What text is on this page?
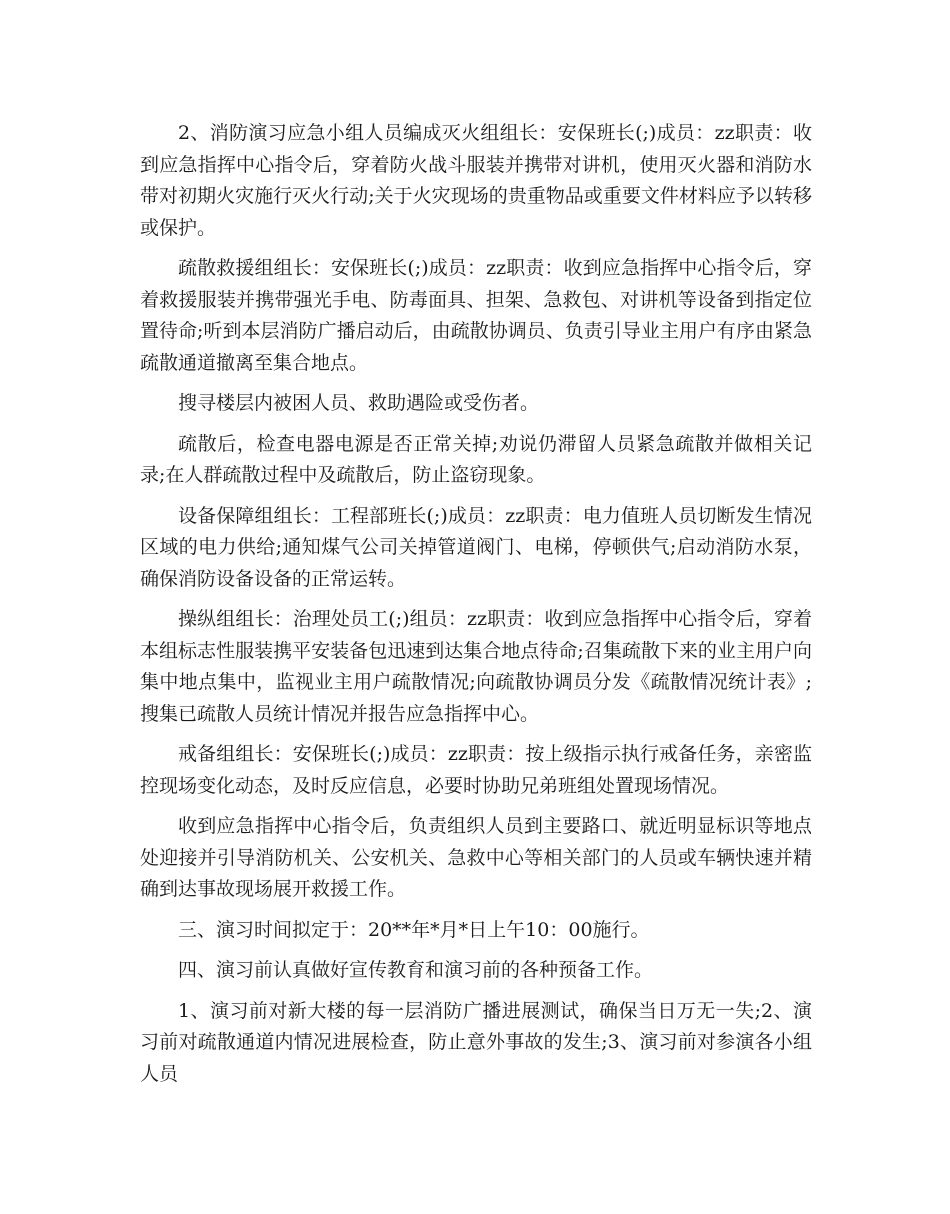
2、消防演习应急小组人员编成灭火组组长：安保班长(;)成员：zz职责：收到应急指挥中心指令后，穿着防火战斗服装并携带对讲机，使用灭火器和消防水带对初期火灾施行灭火行动;关于火灾现场的贵重物品或重要文件材料应予以转移或保护。

疏散救援组组长：安保班长(;)成员：zz职责：收到应急指挥中心指令后，穿着救援服装并携带强光手电、防毒面具、担架、急救包、对讲机等设备到指定位置待命;听到本层消防广播启动后，由疏散协调员、负责引导业主用户有序由紧急疏散通道撤离至集合地点。

搜寻楼层内被困人员、救助遇险或受伤者。

疏散后，检查电器电源是否正常关掉;劝说仍滞留人员紧急疏散并做相关记录;在人群疏散过程中及疏散后，防止盗窃现象。

设备保障组组长：工程部班长(;)成员：zz职责：电力值班人员切断发生情况区域的电力供给;通知煤气公司关掉管道阀门、电梯，停顿供气;启动消防水泵，确保消防设备设备的正常运转。

操纵组组长：治理处员工(;)组员：zz职责：收到应急指挥中心指令后，穿着本组标志性服装携平安装备包迅速到达集合地点待命;召集疏散下来的业主用户向集中地点集中，监视业主用户疏散情况;向疏散协调员分发《疏散情况统计表》;搜集已疏散人员统计情况并报告应急指挥中心。

戒备组组长：安保班长(;)成员：zz职责：按上级指示执行戒备任务，亲密监控现场变化动态，及时反应信息，必要时协助兄弟班组处置现场情况。

收到应急指挥中心指令后，负责组织人员到主要路口、就近明显标识等地点处迎接并引导消防机关、公安机关、急救中心等相关部门的人员或车辆快速并精确到达事故现场展开救援工作。

三、演习时间拟定于：20**年*月*日上午10：00施行。

四、演习前认真做好宣传教育和演习前的各种预备工作。

1、演习前对新大楼的每一层消防广播进展测试，确保当日万无一失;2、演习前对疏散通道内情况进展检查，防止意外事故的发生;3、演习前对参演各小组人员
